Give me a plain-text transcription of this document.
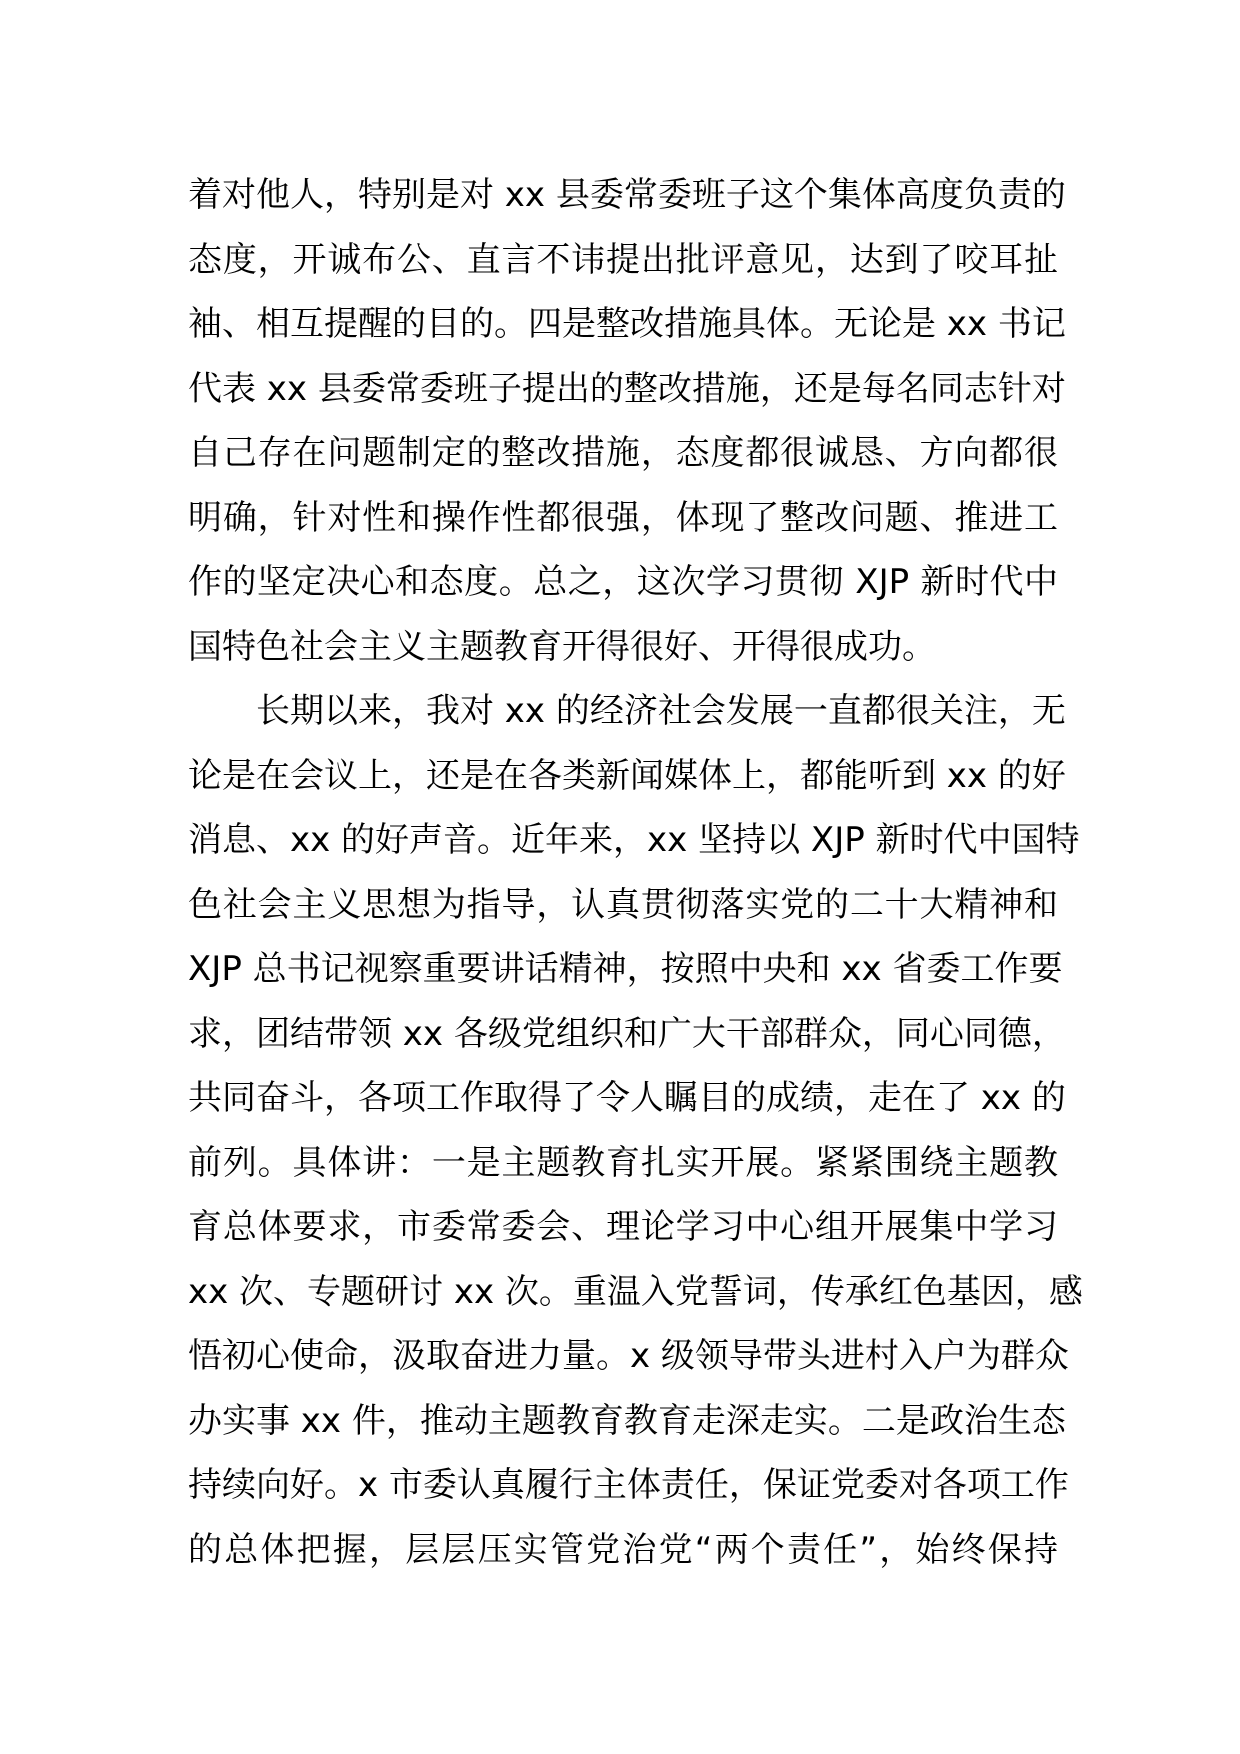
着对他人，特别是对 xx 县委常委班子这个集体高度负责的
态度，开诚布公、直言不讳提出批评意见，达到了咬耳扯
袖、相互提醒的目的。四是整改措施具体。无论是 xx 书记
代表 xx 县委常委班子提出的整改措施，还是每名同志针对
自己存在问题制定的整改措施，态度都很诚恳、方向都很
明确，针对性和操作性都很强，体现了整改问题、推进工
作的坚定决心和态度。总之，这次学习贯彻 XJP 新时代中
国特色社会主义主题教育开得很好、开得很成功。
长期以来，我对 xx 的经济社会发展一直都很关注，无
论是在会议上，还是在各类新闻媒体上，都能听到 xx 的好
消息、xx 的好声音。近年来，xx 坚持以 XJP 新时代中国特
色社会主义思想为指导，认真贯彻落实党的二十大精神和
XJP 总书记视察重要讲话精神，按照中央和 xx 省委工作要
求，团结带领 xx 各级党组织和广大干部群众，同心同德，
共同奋斗，各项工作取得了令人瞩目的成绩，走在了 xx 的
前列。具体讲：一是主题教育扎实开展。紧紧围绕主题教
育总体要求，市委常委会、理论学习中心组开展集中学习
xx 次、专题研讨 xx 次。重温入党誓词，传承红色基因，感
悟初心使命，汲取奋进力量。x 级领导带头进村入户为群众
办实事 xx 件，推动主题教育教育走深走实。二是政治生态
持续向好。x 市委认真履行主体责任，保证党委对各项工作
的总体把握，层层压实管党治党“两个责任”，始终保持
